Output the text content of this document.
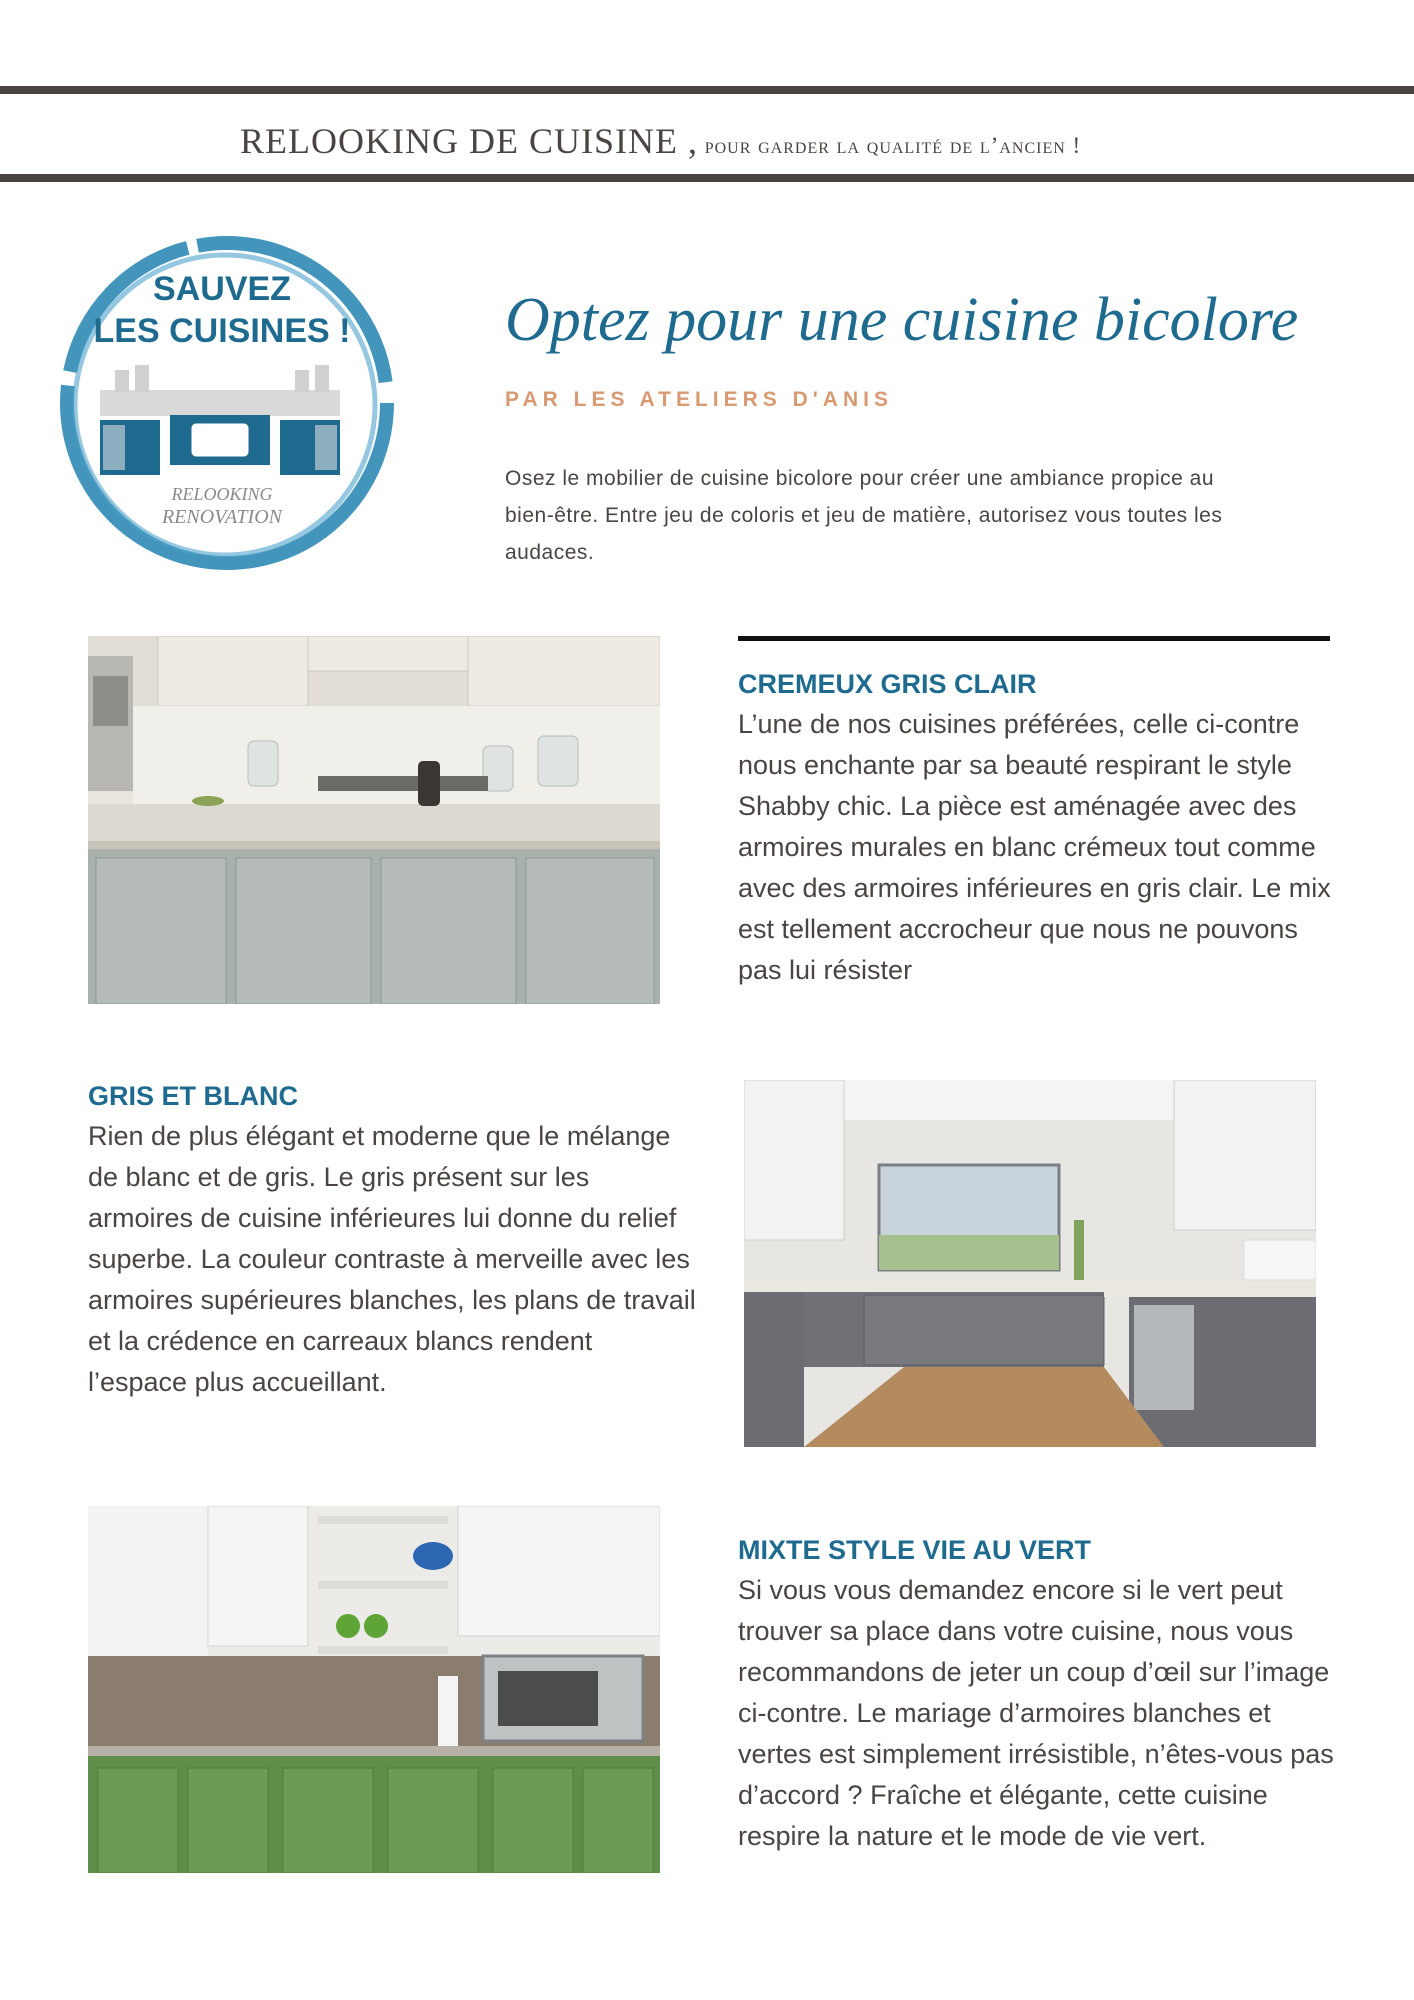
RELOOKING DE CUISINE , pour garder la qualité de l’ancien !
SAUVEZ
LES CUISINES !
RELOOKING
RENOVATION
Optez pour une cuisine bicolore
PAR LES ATELIERS D'ANIS
Osez le mobilier de cuisine bicolore pour créer une ambiance propice au bien-être. Entre jeu de coloris et jeu de matière, autorisez vous toutes les audaces.
CREMEUX GRIS CLAIR

L’une de nos cuisines préférées, celle ci-contre nous enchante par sa beauté respirant le style Shabby chic. La pièce est aménagée avec des armoires murales en blanc crémeux tout comme avec des armoires inférieures en gris clair. Le mix est tellement accrocheur que nous ne pouvons pas lui résister

GRIS ET BLANC

Rien de plus élégant et moderne que le mélange de blanc et de gris. Le gris présent sur les armoires de cuisine inférieures lui donne du relief superbe. La couleur contraste à merveille avec les armoires supérieures blanches, les plans de travail et la crédence en carreaux blancs rendent l’espace plus accueillant.

MIXTE STYLE VIE AU VERT

Si vous vous demandez encore si le vert peut trouver sa place dans votre cuisine, nous vous recommandons de jeter un coup d’œil sur l’image ci-contre. Le mariage d’armoires blanches et vertes est simplement irrésistible, n’êtes-vous pas d’accord ? Fraîche et élégante, cette cuisine respire la nature et le mode de vie vert.
